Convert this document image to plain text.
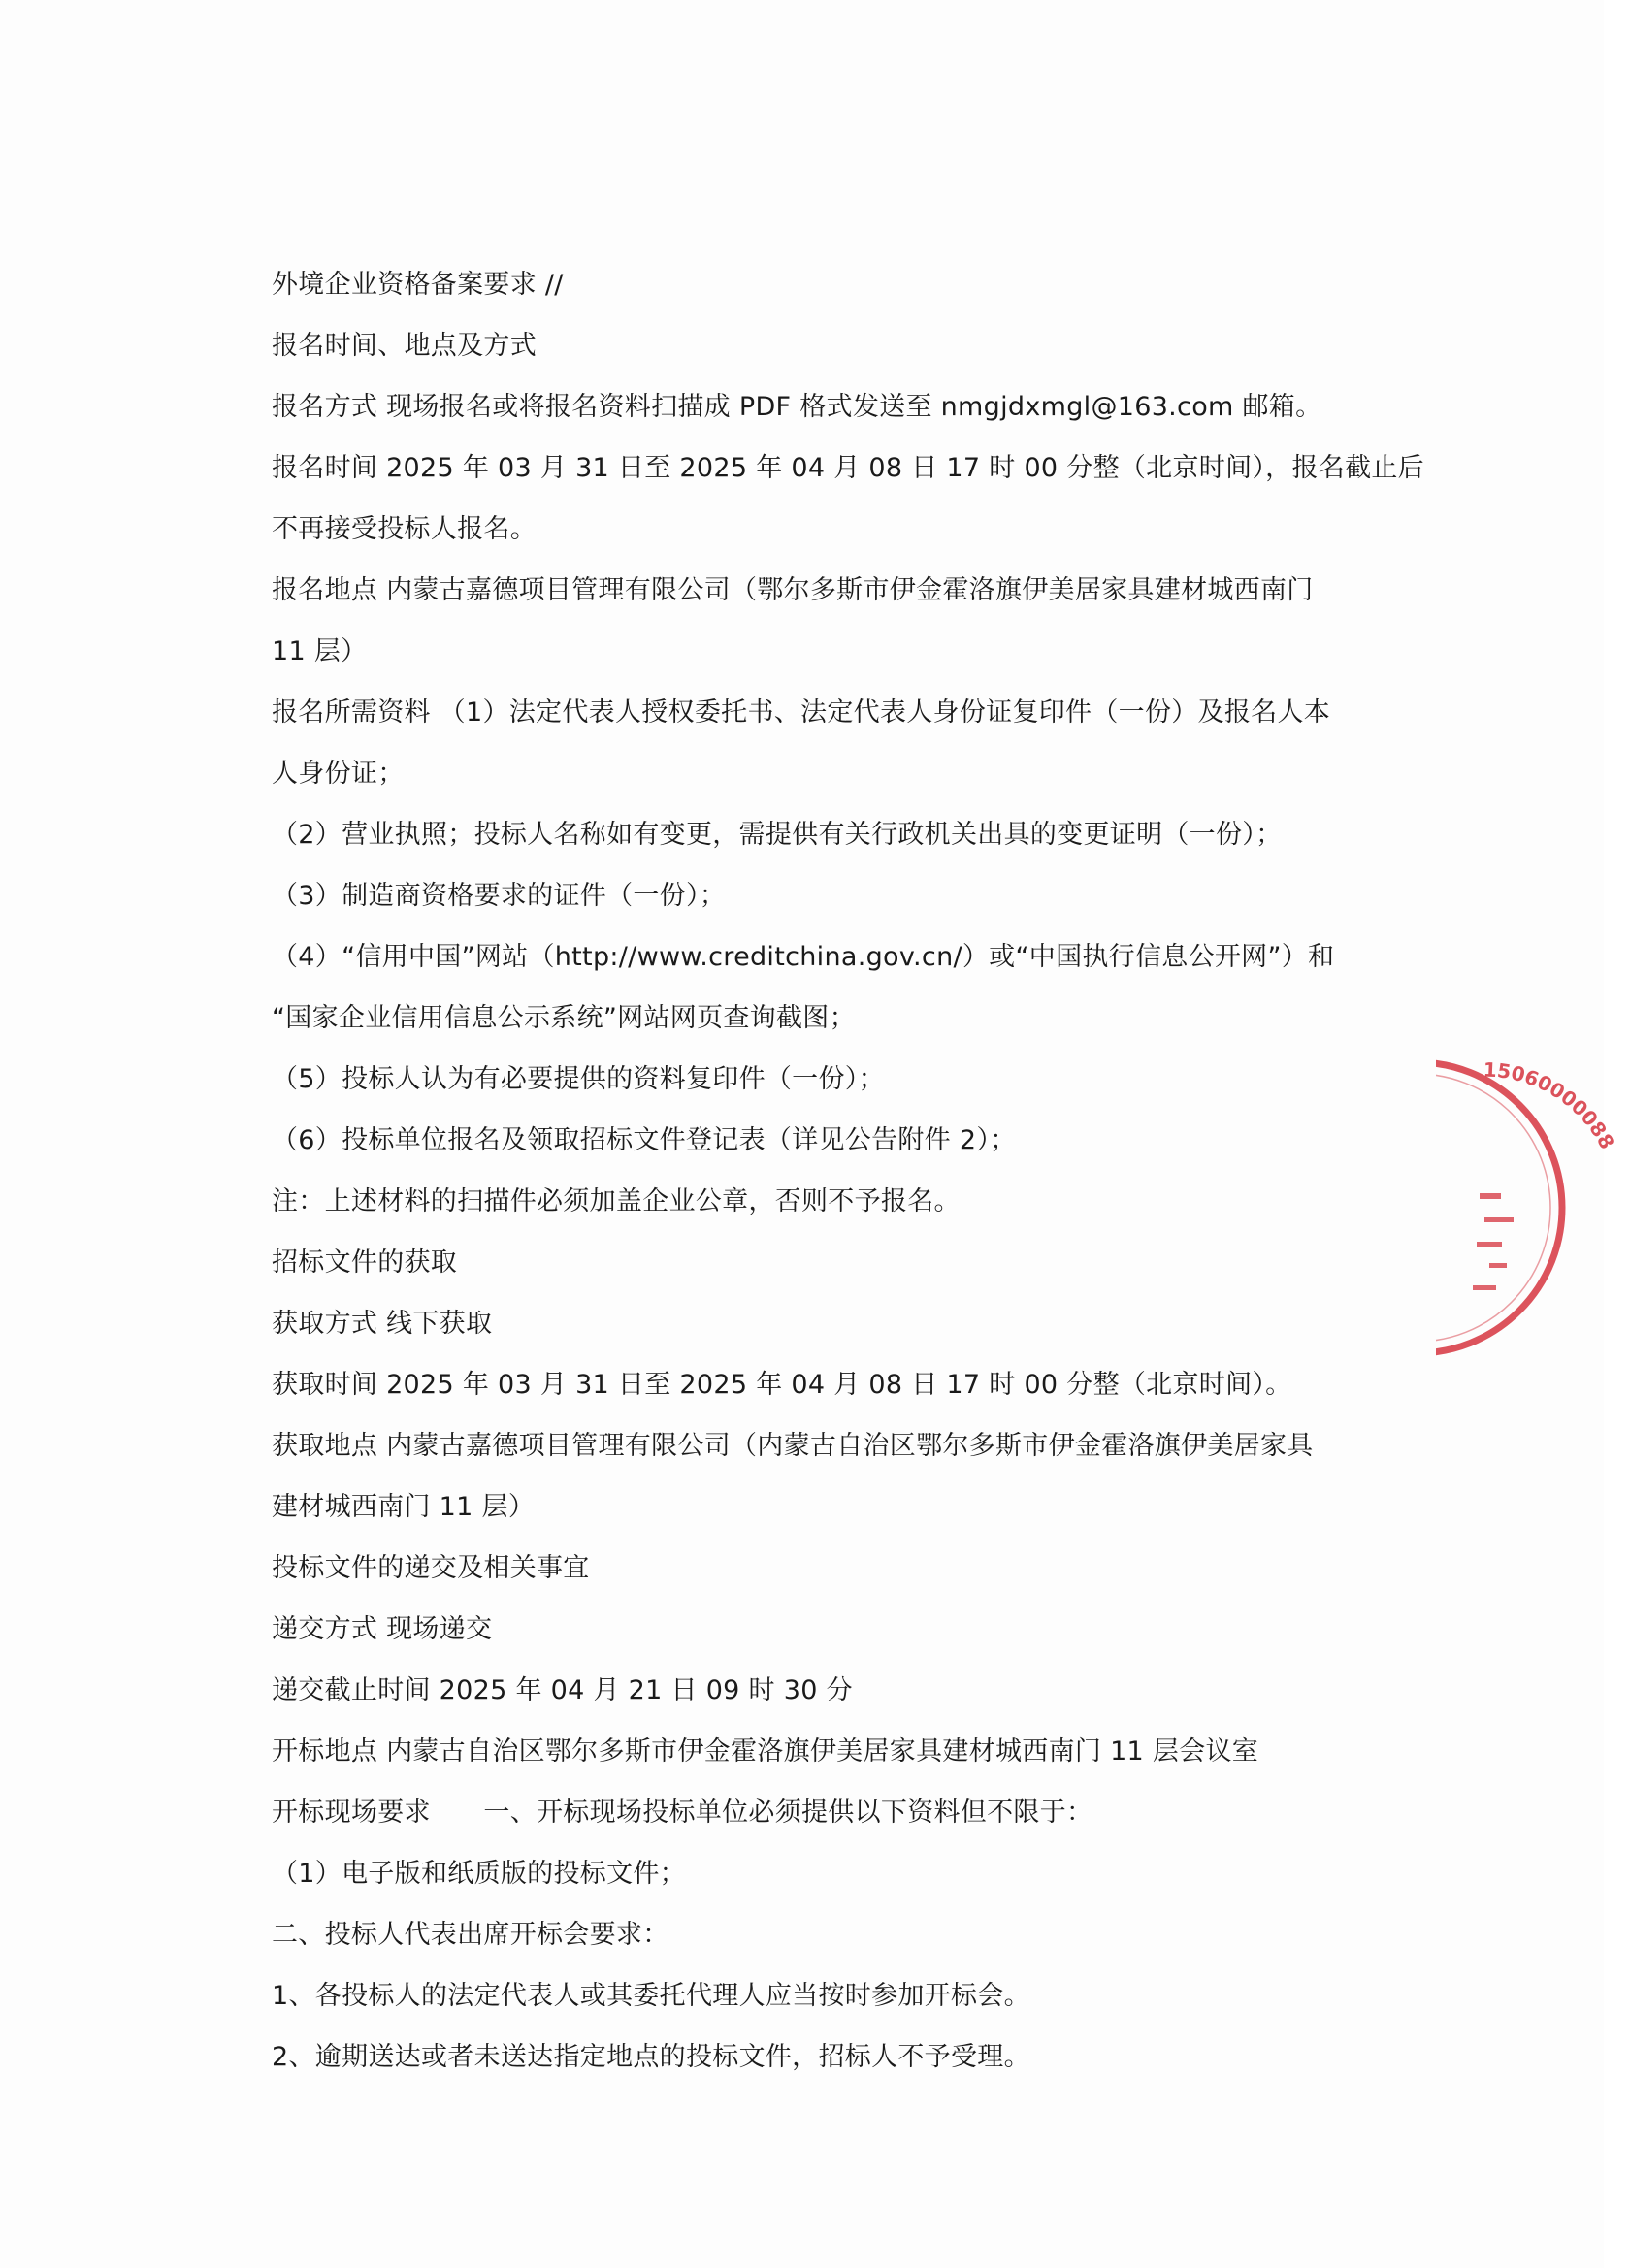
外境企业资格备案要求 //
报名时间、地点及方式
报名方式 现场报名或将报名资料扫描成 PDF 格式发送至 nmgjdxmgl@163.com 邮箱。
报名时间 2025 年 03 月 31 日至 2025 年 04 月 08 日 17 时 00 分整（北京时间），报名截止后
不再接受投标人报名。
报名地点 内蒙古嘉德项目管理有限公司（鄂尔多斯市伊金霍洛旗伊美居家具建材城西南门
11 层）
报名所需资料 （1）法定代表人授权委托书、法定代表人身份证复印件（一份）及报名人本
人身份证；
（2）营业执照；投标人名称如有变更，需提供有关行政机关出具的变更证明（一份）；
（3）制造商资格要求的证件（一份）；
（4）“信用中国”网站（http://www.creditchina.gov.cn/）或“中国执行信息公开网”）和
“国家企业信用信息公示系统”网站网页查询截图；
（5）投标人认为有必要提供的资料复印件（一份）；
（6）投标单位报名及领取招标文件登记表（详见公告附件 2）；
注：上述材料的扫描件必须加盖企业公章，否则不予报名。
招标文件的获取
获取方式 线下获取
获取时间 2025 年 03 月 31 日至 2025 年 04 月 08 日 17 时 00 分整（北京时间）。
获取地点 内蒙古嘉德项目管理有限公司（内蒙古自治区鄂尔多斯市伊金霍洛旗伊美居家具
建材城西南门 11 层）
投标文件的递交及相关事宜
递交方式 现场递交
递交截止时间 2025 年 04 月 21 日 09 时 30 分
开标地点 内蒙古自治区鄂尔多斯市伊金霍洛旗伊美居家具建材城西南门 11 层会议室
开标现场要求　　一、开标现场投标单位必须提供以下资料但不限于：
（1）电子版和纸质版的投标文件；
二、投标人代表出席开标会要求：
1、各投标人的法定代表人或其委托代理人应当按时参加开标会。
2、逾期送达或者未送达指定地点的投标文件，招标人不予受理。
15060000088
